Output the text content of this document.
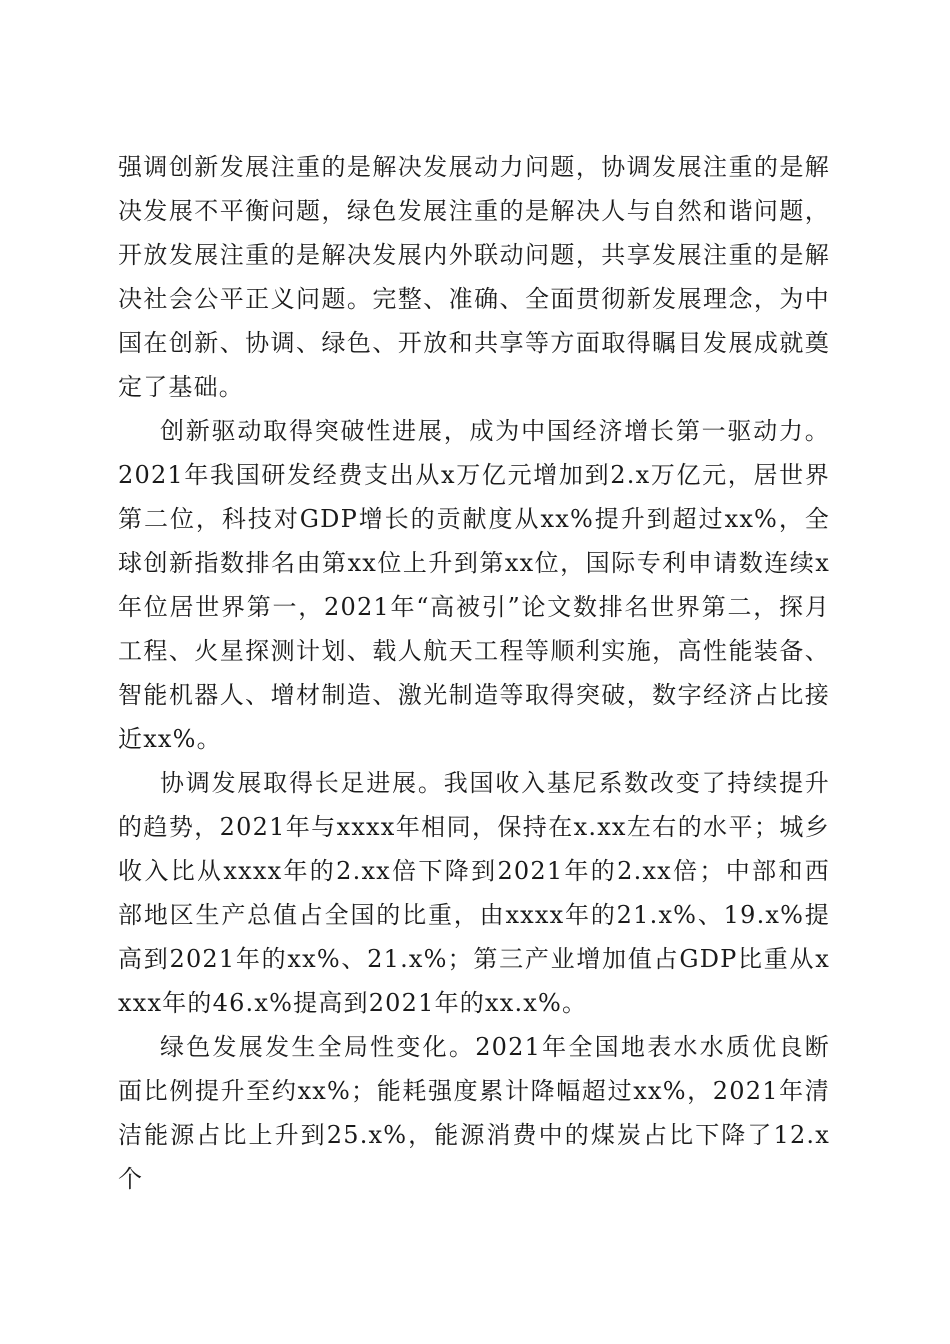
强调创新发展注重的是解决发展动力问题，协调发展注重的是解决发展不平衡问题，绿色发展注重的是解决人与自然和谐问题，开放发展注重的是解决发展内外联动问题，共享发展注重的是解决社会公平正义问题。完整、准确、全面贯彻新发展理念，为中国在创新、协调、绿色、开放和共享等方面取得瞩目发展成就奠定了基础。

创新驱动取得突破性进展，成为中国经济增长第一驱动力。2021年我国研发经费支出从x万亿元增加到2.x万亿元，居世界第二位，科技对GDP增长的贡献度从xx%提升到超过xx%，全球创新指数排名由第xx位上升到第xx位，国际专利申请数连续x年位居世界第一，2021年“高被引”论文数排名世界第二，探月工程、火星探测计划、载人航天工程等顺利实施，高性能装备、智能机器人、增材制造、激光制造等取得突破，数字经济占比接近xx%。

协调发展取得长足进展。我国收入基尼系数改变了持续提升的趋势，2021年与xxxx年相同，保持在x.xx左右的水平；城乡收入比从xxxx年的2.xx倍下降到2021年的2.xx倍；中部和西部地区生产总值占全国的比重，由xxxx年的21.x%、19.x%提高到2021年的xx%、21.x%；第三产业增加值占GDP比重从xxxx年的46.x%提高到2021年的xx.x%。

绿色发展发生全局性变化。2021年全国地表水水质优良断面比例提升至约xx%；能耗强度累计降幅超过xx%，2021年清洁能源占比上升到25.x%，能源消费中的煤炭占比下降了12.x个
